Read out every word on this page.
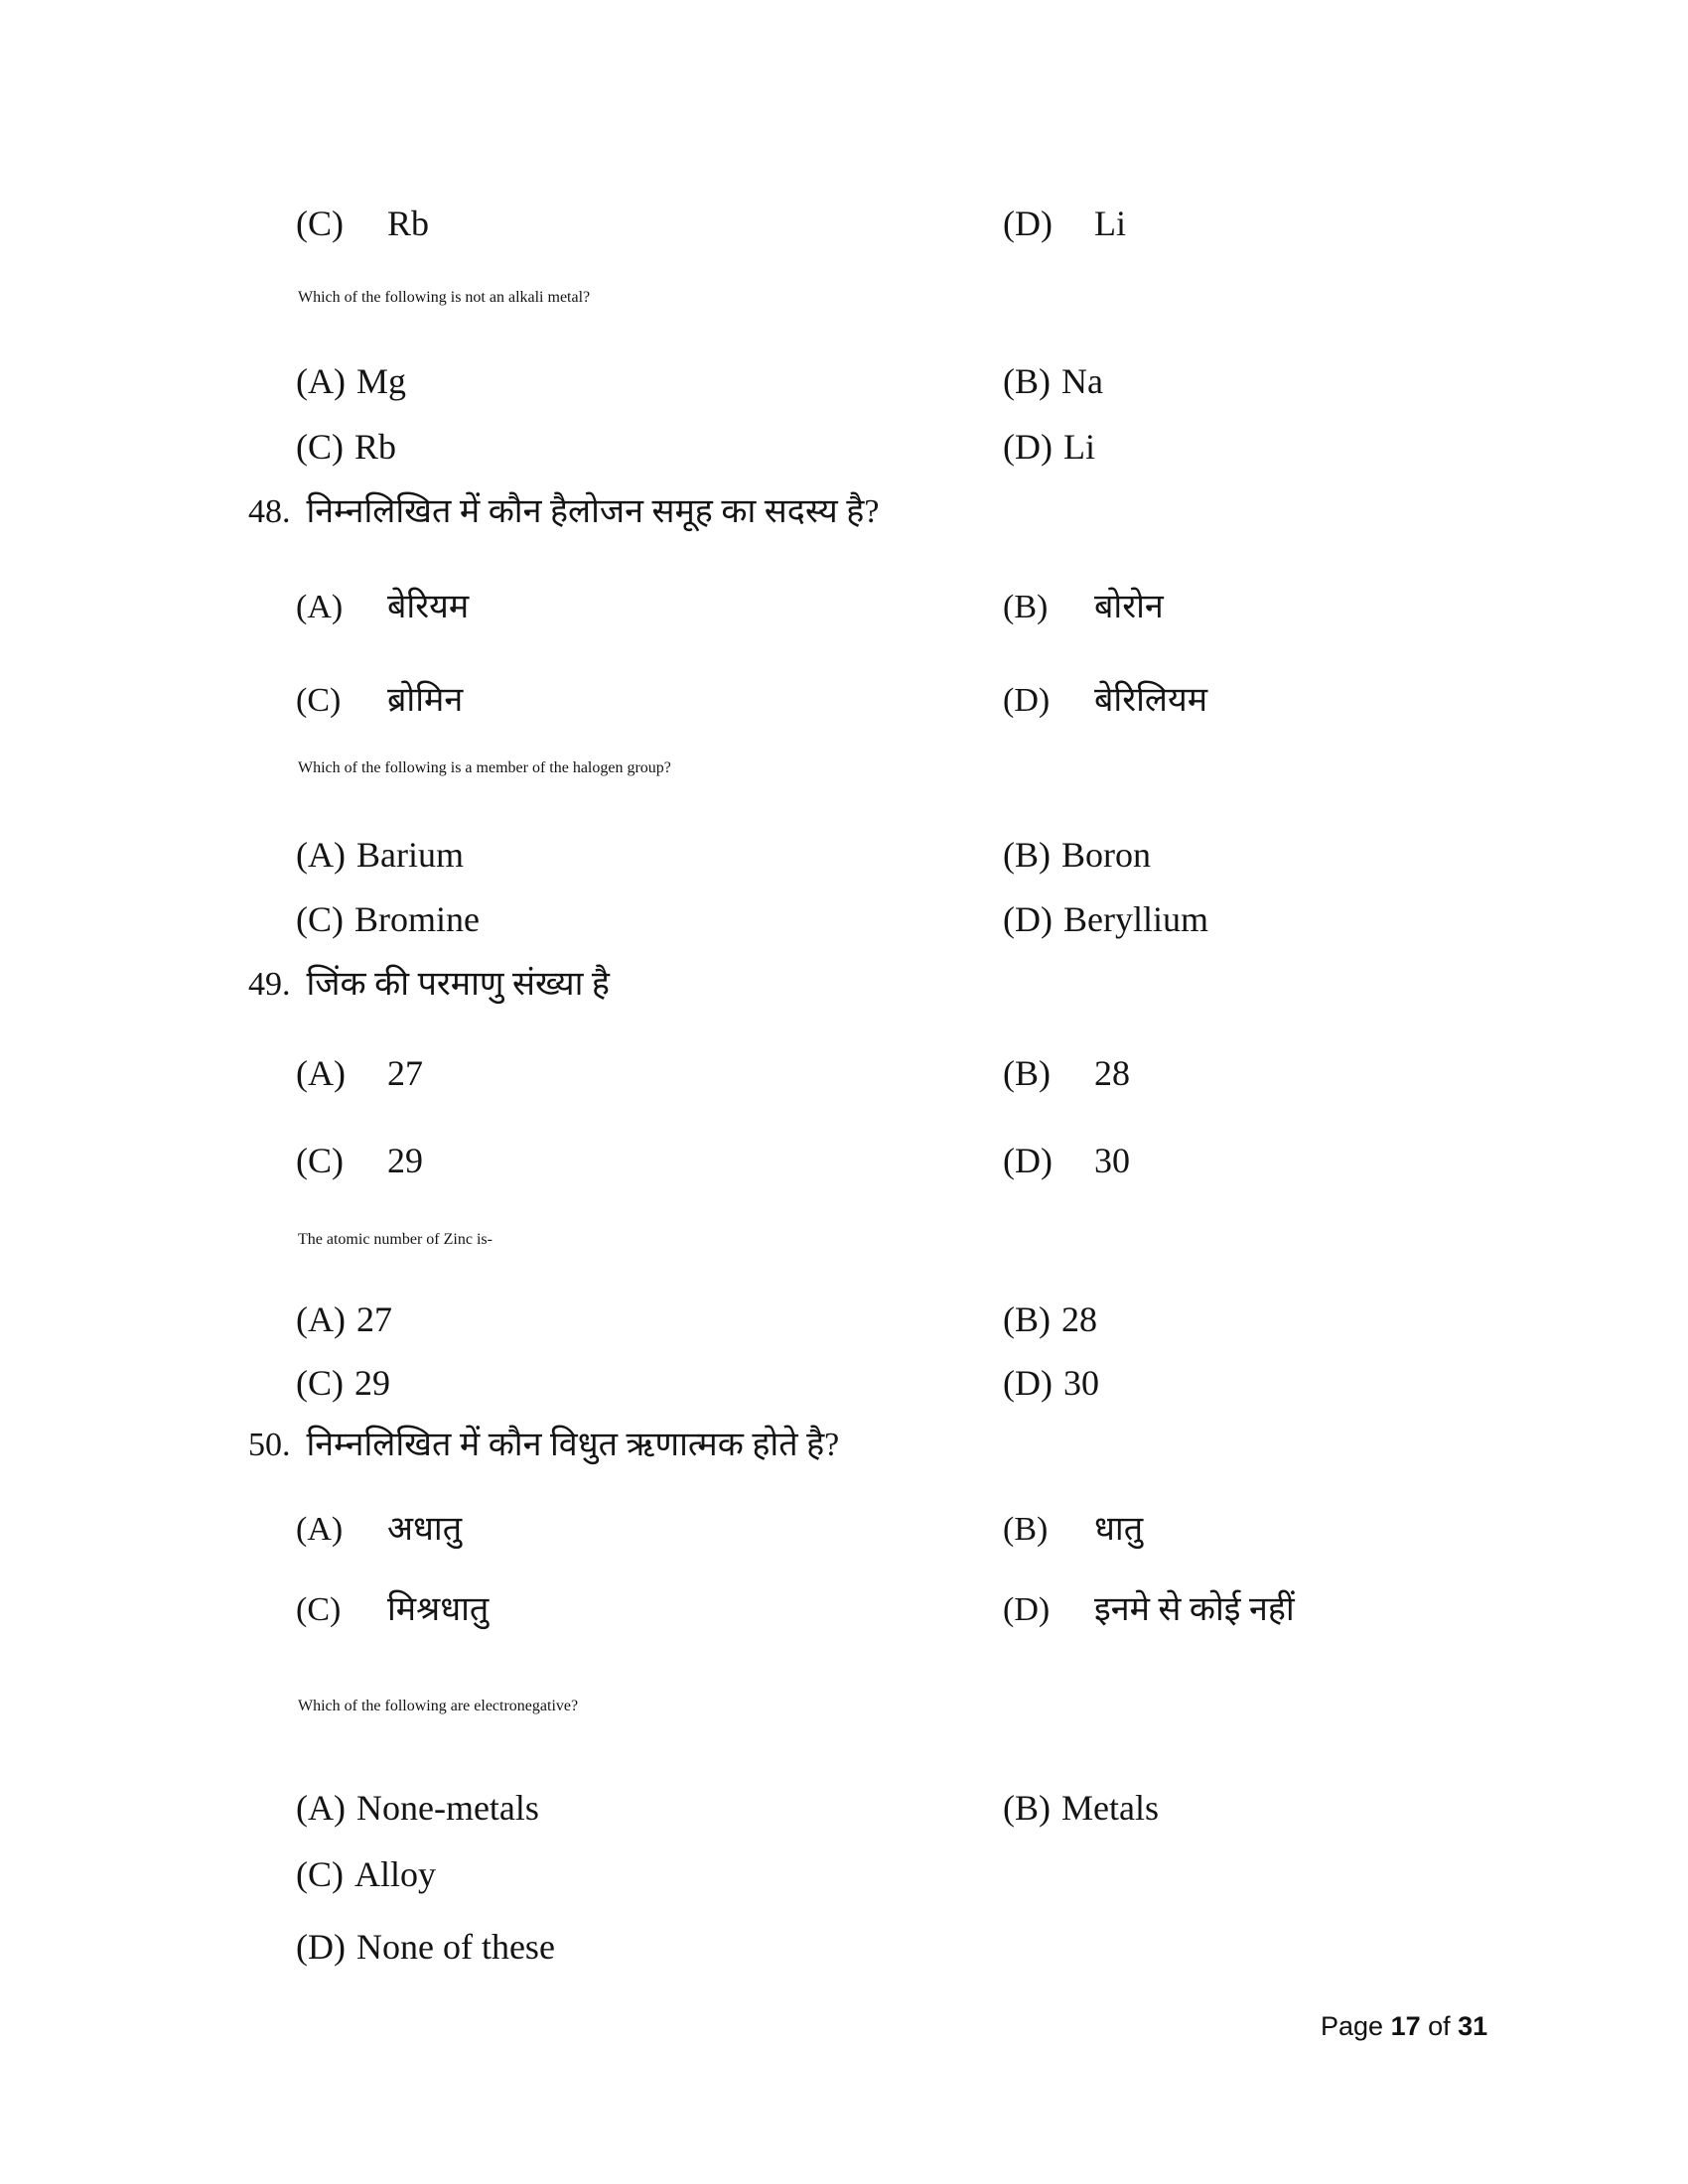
(C) Rb	(D) Li
Which of the following is not an alkali metal?
(A) Mg	(B) Na
(C) Rb	(D) Li
48. निम्नलिखित में कौन हैलोजन समूह का सदस्य है?
(A) बेरियम	(B) बोरोन
(C) ब्रोमिन	(D) बेरिलियम
Which of the following is a member of the halogen group?
(A) Barium	(B) Boron
(C) Bromine	(D) Beryllium
49. जिंक की परमाणु संख्या है
(A) 27	(B) 28
(C) 29	(D) 30
The atomic number of Zinc is-
(A) 27	(B) 28
(C) 29	(D) 30
50. निम्नलिखित में कौन विधुत ऋणात्मक होते है?
(A) अधातु	(B) धातु
(C) मिश्रधातु	(D) इनमे से कोई नहीं
Which of the following are electronegative?
(A) None-metals	(B) Metals
(C) Alloy
(D) None of these
Page 17 of 31
